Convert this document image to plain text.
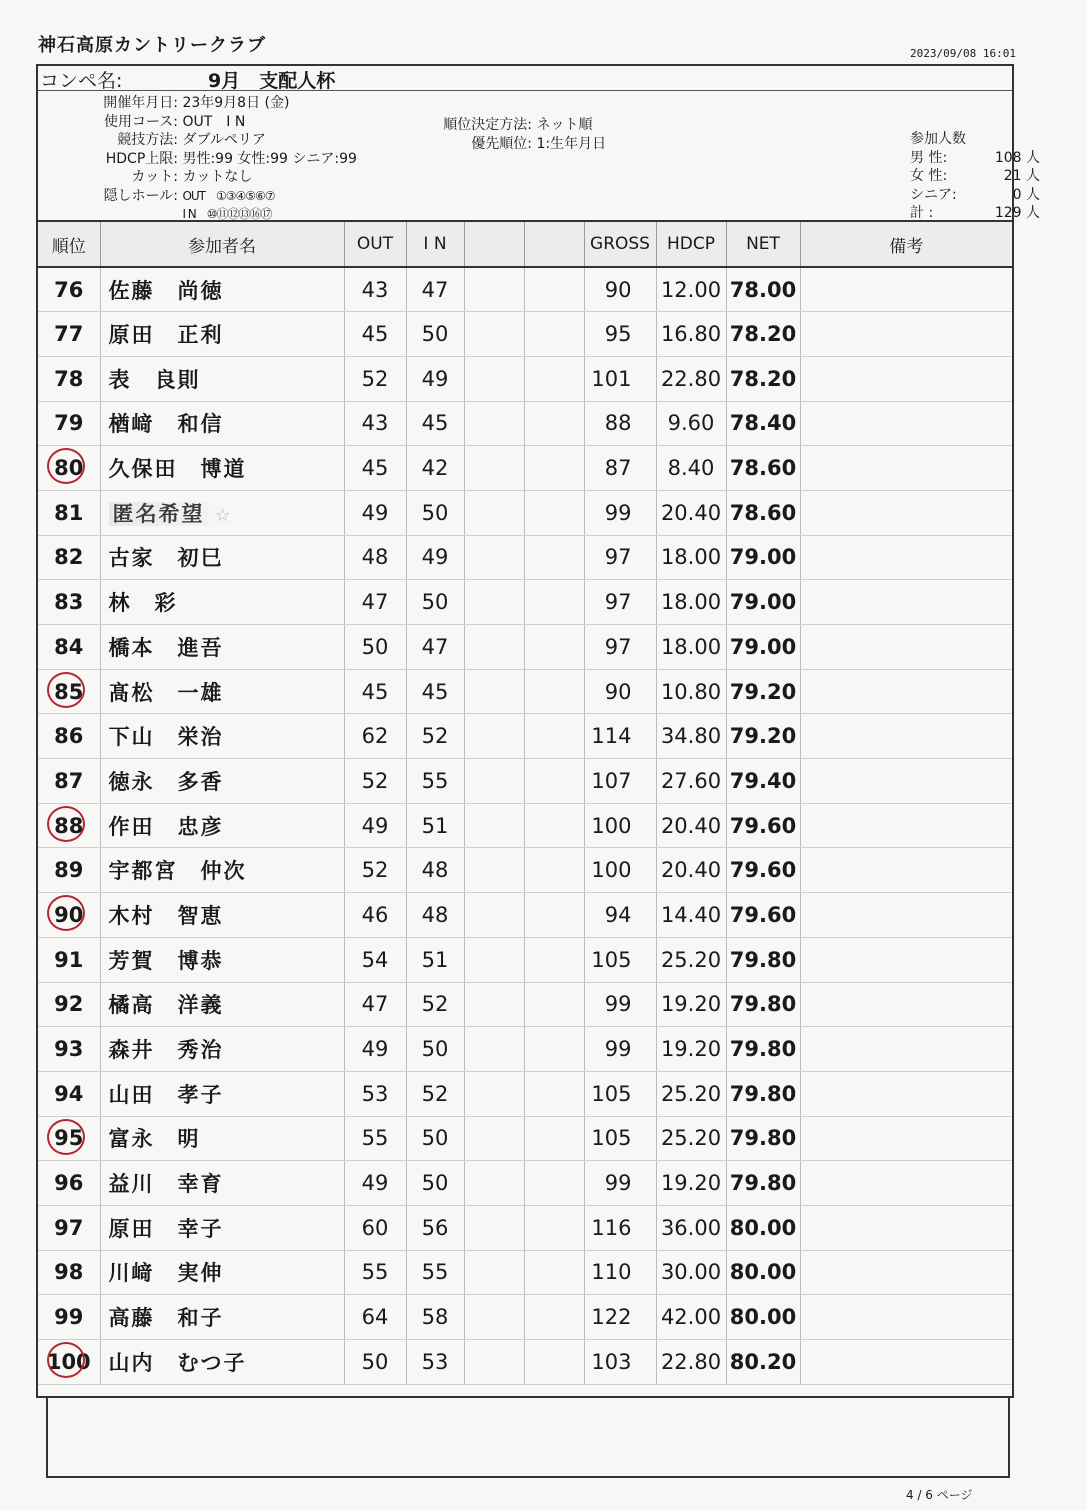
神石高原カントリークラブ	2023/09/08 16:01
コンペ名:	9月　支配人杯
開催年月日: 23年9月8日 (金)
使用コース: OUT　I N
競技方法: ダブルペリア
HDCP上限: 男性:99 女性:99 シニア:99
カット: カットなし
隠しホール: OUT　①③④⑤⑥⑦
I N　⑩⑪⑫⑬⑯⑰
順位決定方法: ネット順
優先順位: 1:生年月日	参加人数
男 性:	108 人
女 性:	21 人
シニア:	0 人
計 :	129 人
順位	参加者名	OUT	I N			GROSS	HDCP	NET	備考
76	佐藤　尚徳	43	47			90	12.00	78.00	
77	原田　正利	45	50			95	16.80	78.20	
78	表　良則	52	49			101	22.80	78.20	
79	楢﨑　和信	43	45			88	9.60	78.40	

80	久保田　博道	45	42			87	8.40	78.60	
81	匿名希望 ☆	49	50			99	20.40	78.60	
82	古家　初巳	48	49			97	18.00	79.00	
83	林　彩	47	50			97	18.00	79.00	
84	橋本　進吾	50	47			97	18.00	79.00	

85	髙松　一雄	45	45			90	10.80	79.20	
86	下山　栄治	62	52			114	34.80	79.20	
87	徳永　多香	52	55			107	27.60	79.40	

88	作田　忠彦	49	51			100	20.40	79.60	
89	宇都宮　仲次	52	48			100	20.40	79.60	

90	木村　智恵	46	48			94	14.40	79.60	
91	芳賀　博恭	54	51			105	25.20	79.80	
92	橘高　洋義	47	52			99	19.20	79.80	
93	森井　秀治	49	50			99	19.20	79.80	
94	山田　孝子	53	52			105	25.20	79.80	

95	富永　明	55	50			105	25.20	79.80	
96	益川　幸育	49	50			99	19.20	79.80	
97	原田　幸子	60	56			116	36.00	80.00	
98	川﨑　実伸	55	55			110	30.00	80.00	
99	高藤　和子	64	58			122	42.00	80.00	

100	山内　むつ子	50	53			103	22.80	80.20	
4 / 6 ページ
